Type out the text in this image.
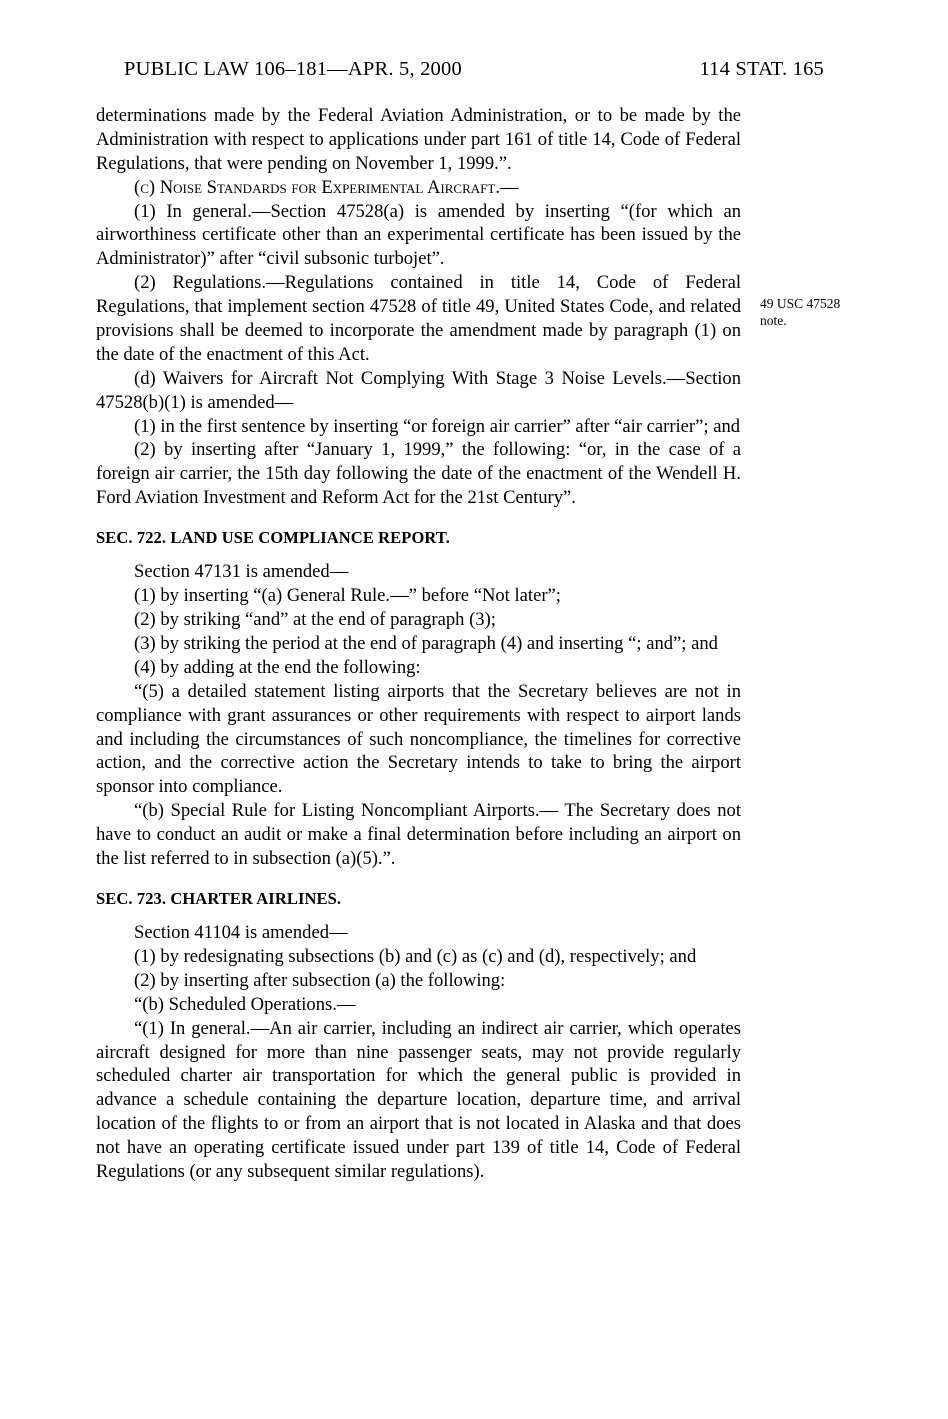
PUBLIC LAW 106–181—APR. 5, 2000	114 STAT. 165
49 USC 47528
note.

determinations made by the Federal Aviation Administration, or to be made by the Administration with respect to applications under part 161 of title 14, Code of Federal Regulations, that were pending on November 1, 1999.”.

(c) Noise Standards for Experimental Aircraft.—

(1) In general.—Section 47528(a) is amended by inserting “(for which an airworthiness certificate other than an experimental certificate has been issued by the Administrator)” after “civil subsonic turbojet”.

(2) Regulations.—Regulations contained in title 14, Code of Federal Regulations, that implement section 47528 of title 49, United States Code, and related provisions shall be deemed to incorporate the amendment made by paragraph (1) on the date of the enactment of this Act.

(d) Waivers for Aircraft Not Complying With Stage 3 Noise Levels.—Section 47528(b)(1) is amended—

(1) in the first sentence by inserting “or foreign air carrier” after “air carrier”; and

(2) by inserting after “January 1, 1999,” the following: “or, in the case of a foreign air carrier, the 15th day following the date of the enactment of the Wendell H. Ford Aviation Investment and Reform Act for the 21st Century”.

SEC. 722. LAND USE COMPLIANCE REPORT.

Section 47131 is amended—

(1) by inserting “(a) General Rule.—” before “Not later”;

(2) by striking “and” at the end of paragraph (3);

(3) by striking the period at the end of paragraph (4) and inserting “; and”; and

(4) by adding at the end the following:

“(5) a detailed statement listing airports that the Secretary believes are not in compliance with grant assurances or other requirements with respect to airport lands and including the circumstances of such noncompliance, the timelines for corrective action, and the corrective action the Secretary intends to take to bring the airport sponsor into compliance.

“(b) Special Rule for Listing Noncompliant Airports.— The Secretary does not have to conduct an audit or make a final determination before including an airport on the list referred to in subsection (a)(5).”.

SEC. 723. CHARTER AIRLINES.

Section 41104 is amended—

(1) by redesignating subsections (b) and (c) as (c) and (d), respectively; and

(2) by inserting after subsection (a) the following:

“(b) Scheduled Operations.—

“(1) In general.—An air carrier, including an indirect air carrier, which operates aircraft designed for more than nine passenger seats, may not provide regularly scheduled charter air transportation for which the general public is provided in advance a schedule containing the departure location, departure time, and arrival location of the flights to or from an airport that is not located in Alaska and that does not have an operating certificate issued under part 139 of title 14, Code of Federal Regulations (or any subsequent similar regulations).
